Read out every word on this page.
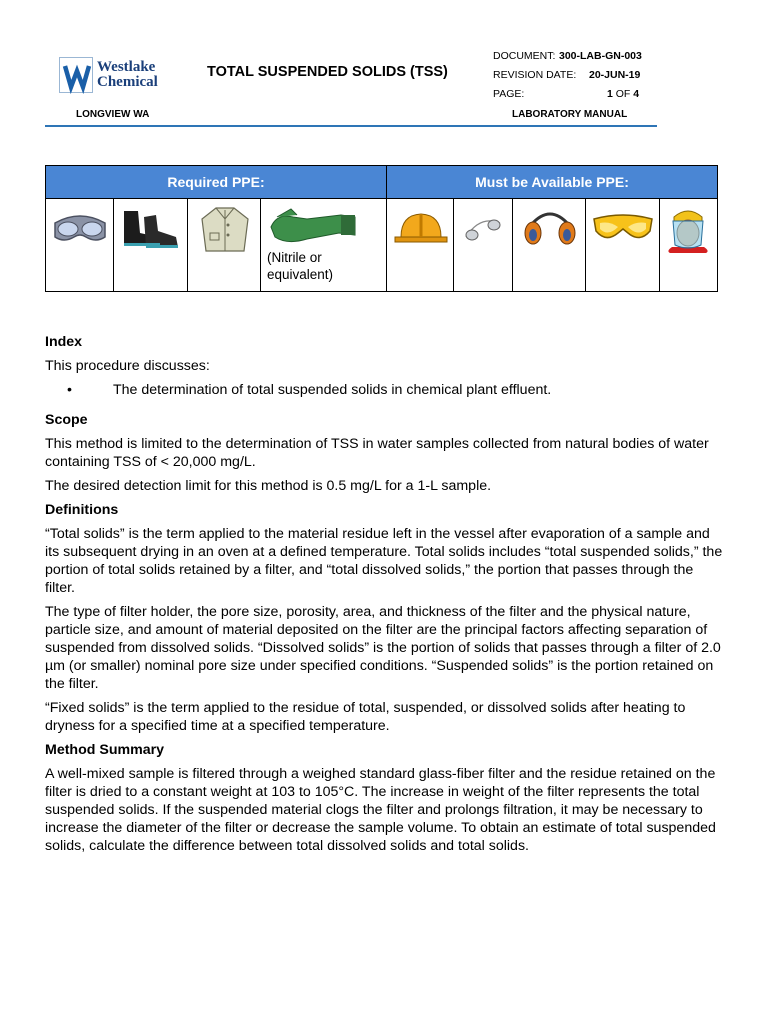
Westlake
Chemical
TOTAL SUSPENDED SOLIDS (TSS)
DOCUMENT: 300-LAB-GN-003
REVISION DATE: 20-JUN-19
PAGE:	1 OF 4
LONGVIEW WA	LABORATORY MANUAL
Required PPE:	Must be Available PPE:
(Nitrile or equivalent)
Index

This procedure discusses:

•	The determination of total suspended solids in chemical plant effluent.
Scope

This method is limited to the determination of TSS in water samples collected from natural bodies of water containing TSS of < 20,000 mg/L.

The desired detection limit for this method is 0.5 mg/L for a 1-L sample.

Definitions

“Total solids” is the term applied to the material residue left in the vessel after evaporation of a sample and its subsequent drying in an oven at a defined temperature. Total solids includes “total suspended solids,” the portion of total solids retained by a filter, and “total dissolved solids,” the portion that passes through the filter.

The type of filter holder, the pore size, porosity, area, and thickness of the filter and the physical nature, particle size, and amount of material deposited on the filter are the principal factors affecting separation of suspended from dissolved solids. “Dissolved solids” is the portion of solids that passes through a filter of 2.0 µm (or smaller) nominal pore size under specified conditions. “Suspended solids” is the portion retained on the filter.

“Fixed solids” is the term applied to the residue of total, suspended, or dissolved solids after heating to dryness for a specified time at a specified temperature.

Method Summary

A well-mixed sample is filtered through a weighed standard glass-fiber filter and the residue retained on the filter is dried to a constant weight at 103 to 105°C. The increase in weight of the filter represents the total suspended solids. If the suspended material clogs the filter and prolongs filtration, it may be necessary to increase the diameter of the filter or decrease the sample volume. To obtain an estimate of total suspended solids, calculate the difference between total dissolved solids and total solids.
